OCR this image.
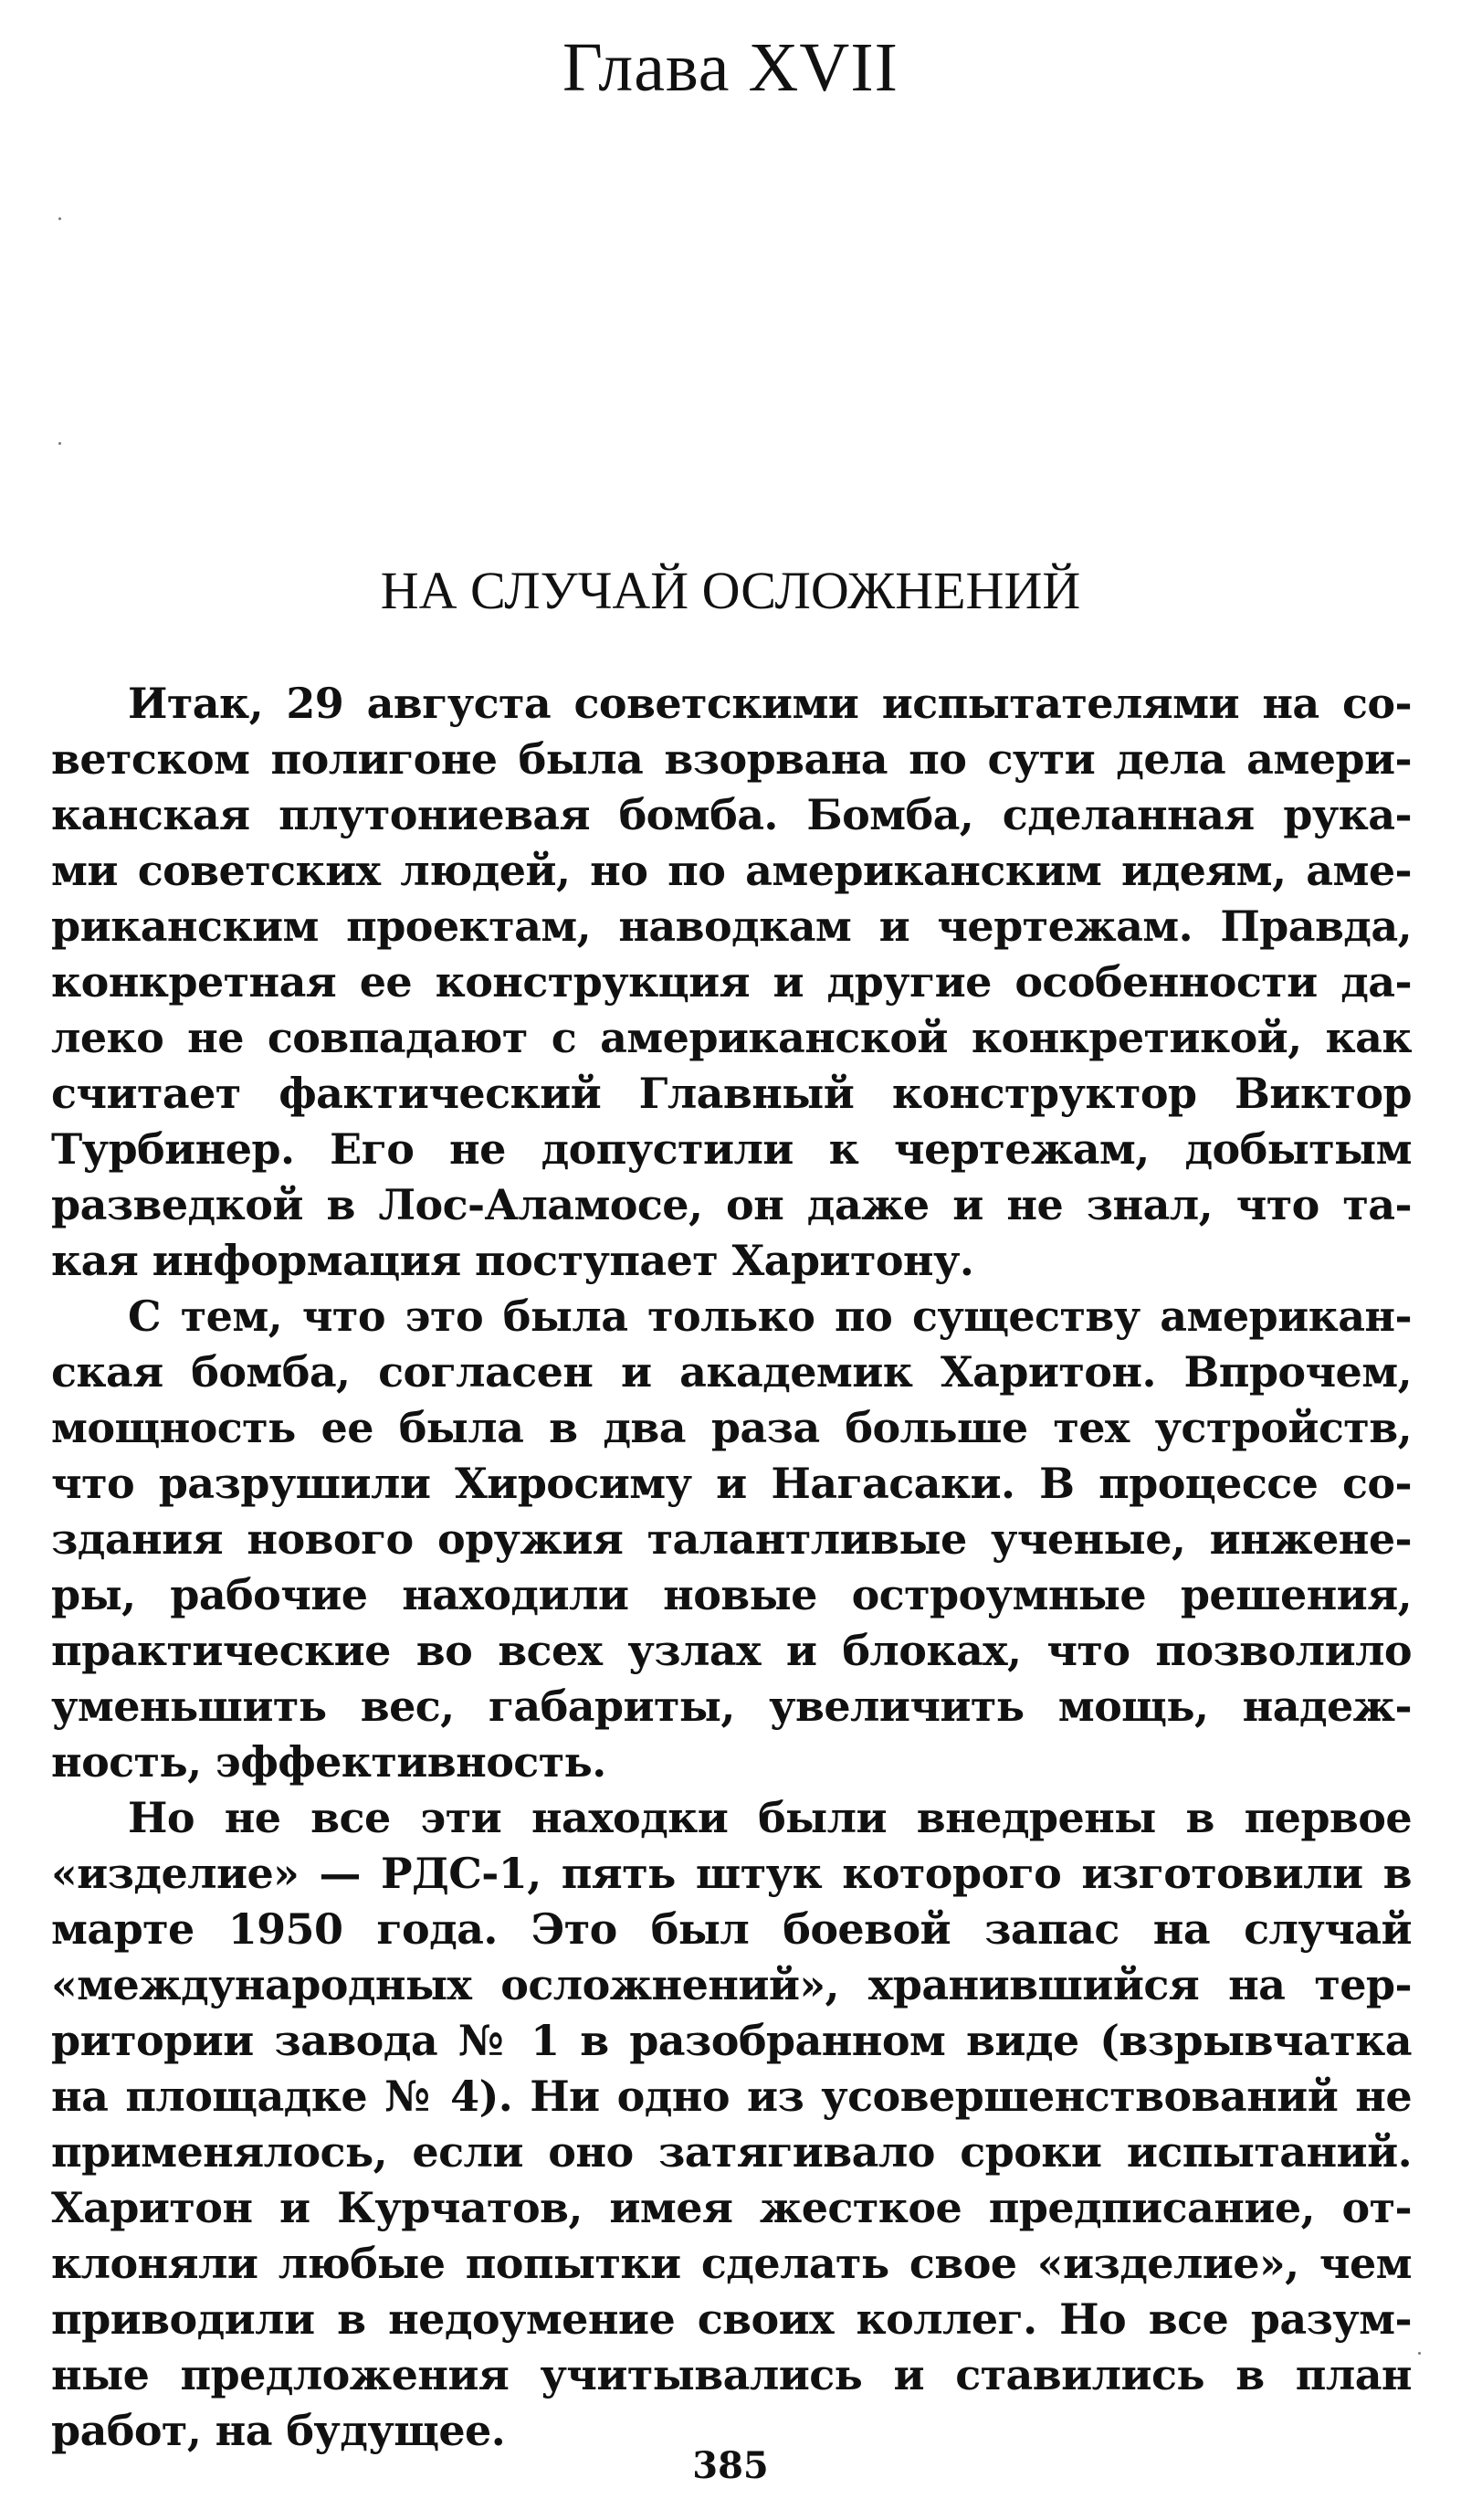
Глава XVII
НА СЛУЧАЙ ОСЛОЖНЕНИЙ

Итак, 29 августа советскими испытателями на со-
ветском полигоне была взорвана по сути дела амери-
канская плутониевая бомба. Бомба, сделанная рука-
ми советских людей, но по американским идеям, аме-
риканским проектам, наводкам и чертежам. Правда,
конкретная ее конструкция и другие особенности да-
леко не совпадают с американской конкретикой, как
считает фактический Главный конструктор Виктор
Турбинер. Его не допустили к чертежам, добытым
разведкой в Лос-Аламосе, он даже и не знал, что та-
кая информация поступает Харитону.

С тем, что это была только по существу американ-
ская бомба, согласен и академик Харитон. Впрочем,
мощность ее была в два раза больше тех устройств,
что разрушили Хиросиму и Нагасаки. В процессе со-
здания нового оружия талантливые ученые, инжене-
ры, рабочие находили новые остроумные решения,
практические во всех узлах и блоках, что позволило
уменьшить вес, габариты, увеличить мощь, надеж-
ность, эффективность.

Но не все эти находки были внедрены в первое
«изделие» — РДС-1, пять штук которого изготовили в
марте 1950 года. Это был боевой запас на случай
«международных осложнений», хранившийся на тер-
ритории завода № 1 в разобранном виде (взрывчатка
на площадке № 4). Ни одно из усовершенствований не
применялось, если оно затягивало сроки испытаний.
Харитон и Курчатов, имея жесткое предписание, от-
клоняли любые попытки сделать свое «изделие», чем
приводили в недоумение своих коллег. Но все разум-
ные предложения учитывались и ставились в план
работ, на будущее.

385
